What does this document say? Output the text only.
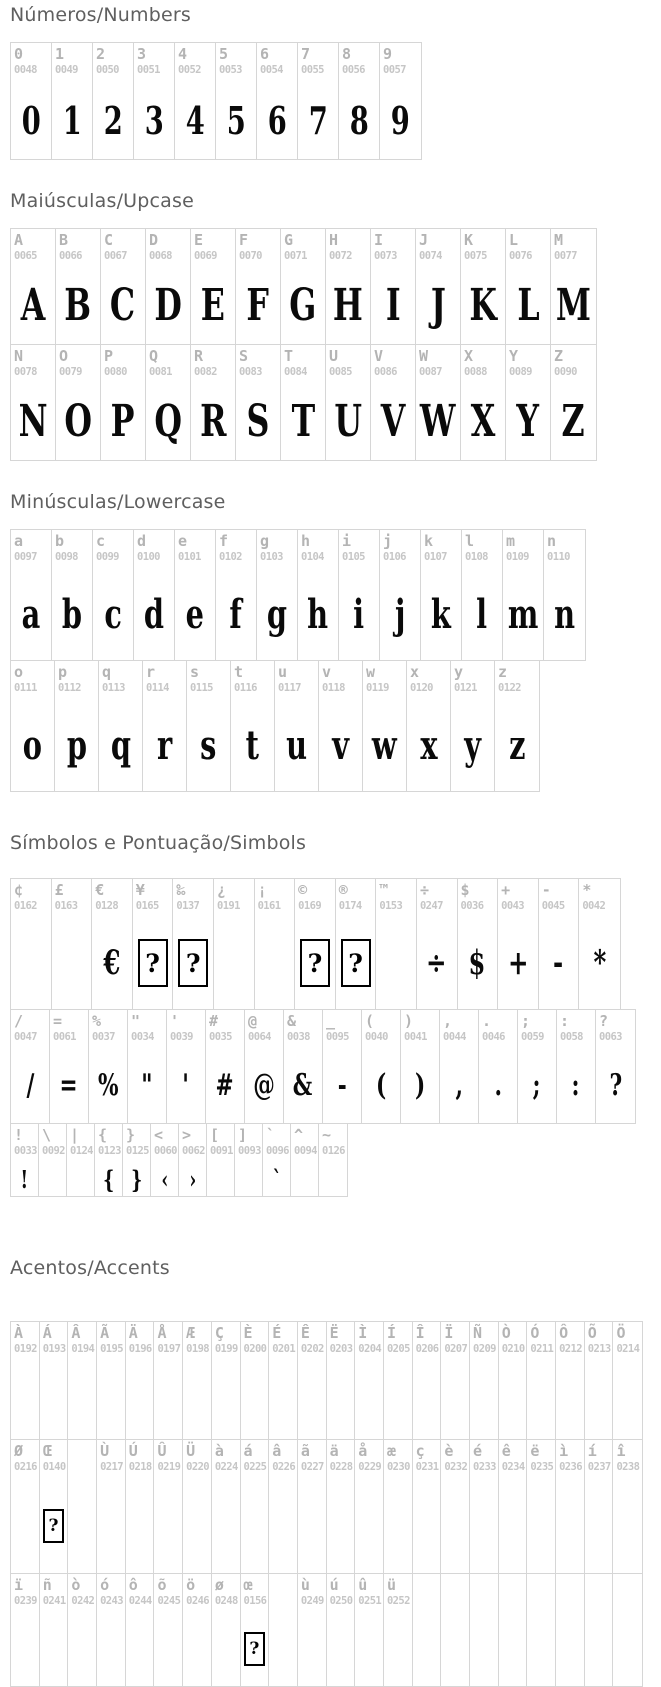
Números/Numbers
0
0048
0
1
0049
1
2
0050
2
3
0051
3
4
0052
4
5
0053
5
6
0054
6
7
0055
7
8
0056
8
9
0057
9
Maiúsculas/Upcase
A
0065
A
B
0066
B
C
0067
C
D
0068
D
E
0069
E
F
0070
F
G
0071
G
H
0072
H
I
0073
I
J
0074
J
K
0075
K
L
0076
L
M
0077
M
N
0078
N
O
0079
O
P
0080
P
Q
0081
Q
R
0082
R
S
0083
S
T
0084
T
U
0085
U
V
0086
V
W
0087
W
X
0088
X
Y
0089
Y
Z
0090
Z
Minúsculas/Lowercase
a
0097
a
b
0098
b
c
0099
c
d
0100
d
e
0101
e
f
0102
f
g
0103
g
h
0104
h
i
0105
i
j
0106
j
k
0107
k
l
0108
l
m
0109
m
n
0110
n
o
0111
o
p
0112
p
q
0113
q
r
0114
r
s
0115
s
t
0116
t
u
0117
u
v
0118
v
w
0119
w
x
0120
x
y
0121
y
z
0122
z
Símbolos e Pontuação/Simbols
¢
0162
£
0163
€
0128
€
¥
0165
?
‰
0137
?
¿
0191
¡
0161
©
0169
?
®
0174
?
™
0153
÷
0247
÷
$
0036
$
+
0043
+
-
0045
-
*
0042
*
/
0047
/
=
0061
=
%
0037
%
"
0034
"
'
0039
'
#
0035
#
@
0064
@
&
0038
&
_
0095
-
(
0040
(
)
0041
)
,
0044
,
.
0046
.
;
0059
;
:
0058
:
?
0063
?
!
0033
!
\
0092
|
0124
{
0123
{
}
0125
}
<
0060
‹
>
0062
›
[
0091
]
0093
`
0096
`
^
0094
~
0126
Acentos/Accents
À
0192
Á
0193
Â
0194
Ã
0195
Ä
0196
Å
0197
Æ
0198
Ç
0199
È
0200
É
0201
Ê
0202
Ë
0203
Ì
0204
Í
0205
Î
0206
Ï
0207
Ñ
0209
Ò
0210
Ó
0211
Ô
0212
Õ
0213
Ö
0214
Ø
0216
Œ
0140
?
Ù
0217
Ú
0218
Û
0219
Ü
0220
à
0224
á
0225
â
0226
ã
0227
ä
0228
å
0229
æ
0230
ç
0231
è
0232
é
0233
ê
0234
ë
0235
ì
0236
í
0237
î
0238
ï
0239
ñ
0241
ò
0242
ó
0243
ô
0244
õ
0245
ö
0246
ø
0248
œ
0156
?
ù
0249
ú
0250
û
0251
ü
0252
